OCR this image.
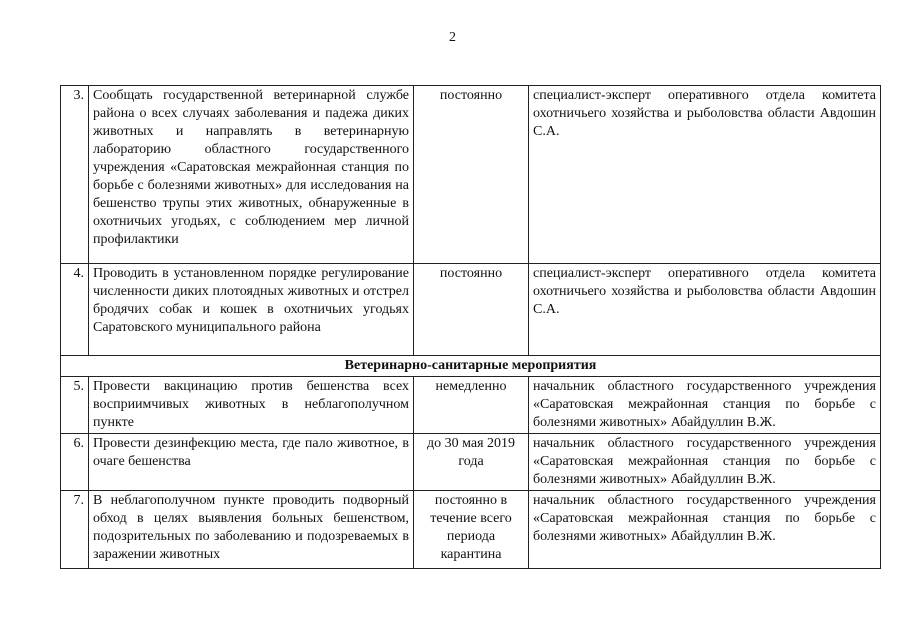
2
3.	Сообщать государственной ветеринарной службе района о всех случаях заболевания и падежа диких животных и направлять в ветеринарную лабораторию областного государственного учреждения «Саратовская межрайонная станция по борьбе с болезнями животных» для исследования на бешенство трупы этих животных, обнаруженные в охотничьих угодьях, с соблюдением мер личной профилактики	постоянно	специалист-эксперт оперативного отдела комитета охотничьего хозяйства и рыболовства области Авдошин С.А.
4.	Проводить в установленном порядке регулирование численности диких плотоядных животных и отстрел бродячих собак и кошек в охотничьих угодьях Саратовского муниципального района	постоянно	специалист-эксперт оперативного отдела комитета охотничьего хозяйства и рыболовства области Авдошин С.А.
Ветеринарно-санитарные мероприятия			
5.	Провести вакцинацию против бешенства всех восприимчивых животных в неблагополучном пункте	немедленно	начальник областного государственного учреждения «Саратовская межрайонная станция по борьбе с болезнями животных» Абайдуллин В.Ж.
6.	Провести дезинфекцию места, где пало животное, в очаге бешенства	до 30 мая 2019 года	начальник областного государственного учреждения «Саратовская межрайонная станция по борьбе с болезнями животных» Абайдуллин В.Ж.
7.	В неблагополучном пункте проводить подворный обход в целях выявления больных бешенством, подозрительных по заболеванию и подозреваемых в заражении животных	постоянно в течение всего периода карантина	начальник областного государственного учреждения «Саратовская межрайонная станция по борьбе с болезнями животных» Абайдуллин В.Ж.
